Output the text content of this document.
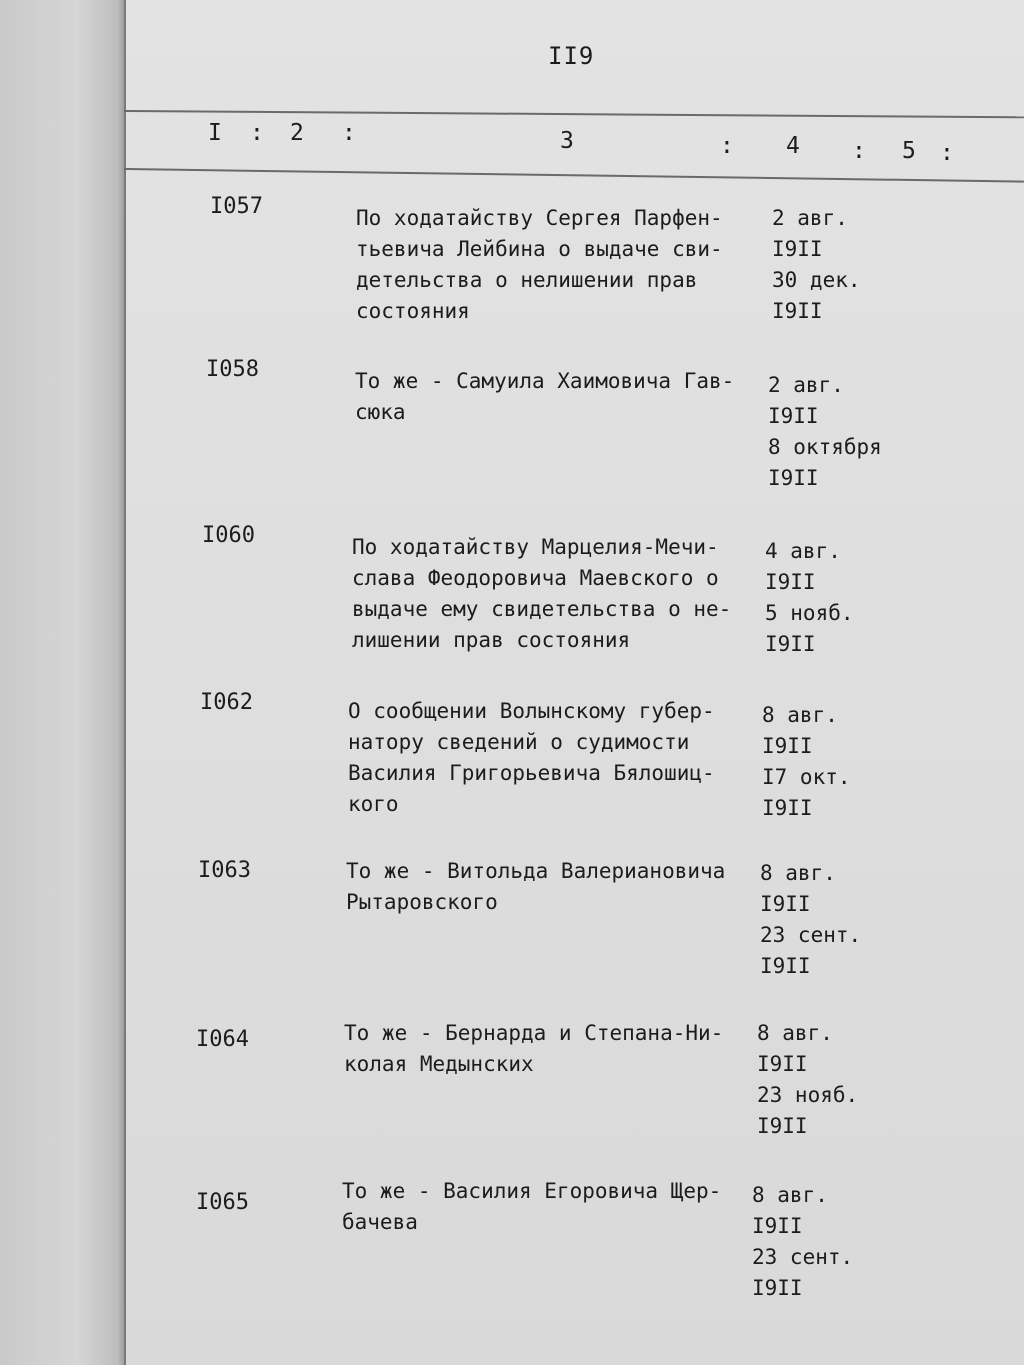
II9
I : 2 :	3	: 4 : 5 :
I057	По ходатайству Сергея Парфен-
тьевича Лейбина о выдаче сви-
детельства о нелишении прав
состояния
2 авг.
I9II
30 дек.
I9II
I058	То же - Самуила Хаимовича Гав-
сюка
2 авг.
I9II
8 октября
I9II
I060	По ходатайству Марцелия-Мечи-
слава Феодоровича Маевского о
выдаче ему свидетельства о не-
лишении прав состояния
4 авг.
I9II
5 нояб.
I9II
I062	О сообщении Волынскому губер-
натору сведений о судимости
Василия Григорьевича Бялошиц-
кого
8 авг.
I9II
I7 окт.
I9II
I063	То же - Витольда Валериановича
Рытаровского
8 авг.
I9II
23 сент.
I9II
I064	То же - Бернарда и Степана-Ни-
колая Медынских
8 авг.
I9II
23 нояб.
I9II
I065	То же - Василия Егоровича Щер-
бачева
8 авг.
I9II
23 сент.
I9II
